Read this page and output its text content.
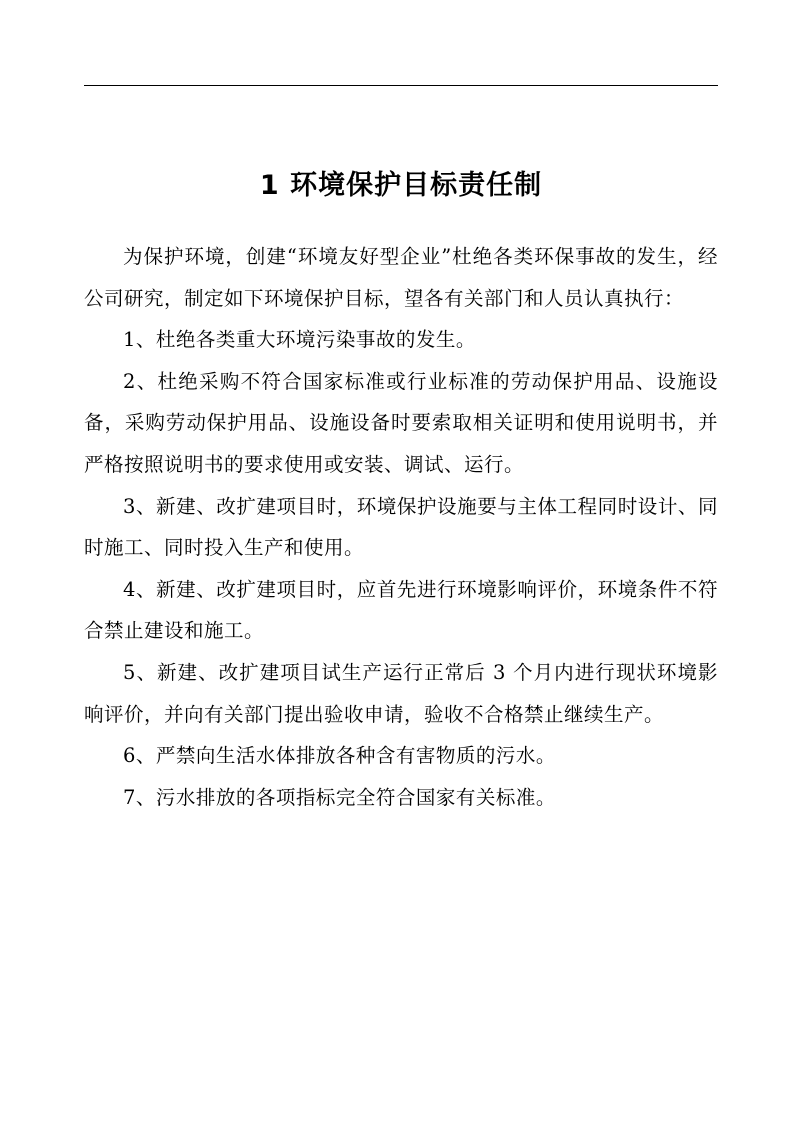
1 环境保护目标责任制

为保护环境，创建“环境友好型企业”杜绝各类环保事故的发生，经公司研究，制定如下环境保护目标，望各有关部门和人员认真执行：

1、杜绝各类重大环境污染事故的发生。

2、杜绝采购不符合国家标准或行业标准的劳动保护用品、设施设备，采购劳动保护用品、设施设备时要索取相关证明和使用说明书，并严格按照说明书的要求使用或安装、调试、运行。

3、新建、改扩建项目时，环境保护设施要与主体工程同时设计、同时施工、同时投入生产和使用。

4、新建、改扩建项目时，应首先进行环境影响评价，环境条件不符合禁止建设和施工。

5、新建、改扩建项目试生产运行正常后 3 个月内进行现状环境影响评价，并向有关部门提出验收申请，验收不合格禁止继续生产。

6、严禁向生活水体排放各种含有害物质的污水。

7、污水排放的各项指标完全符合国家有关标准。
